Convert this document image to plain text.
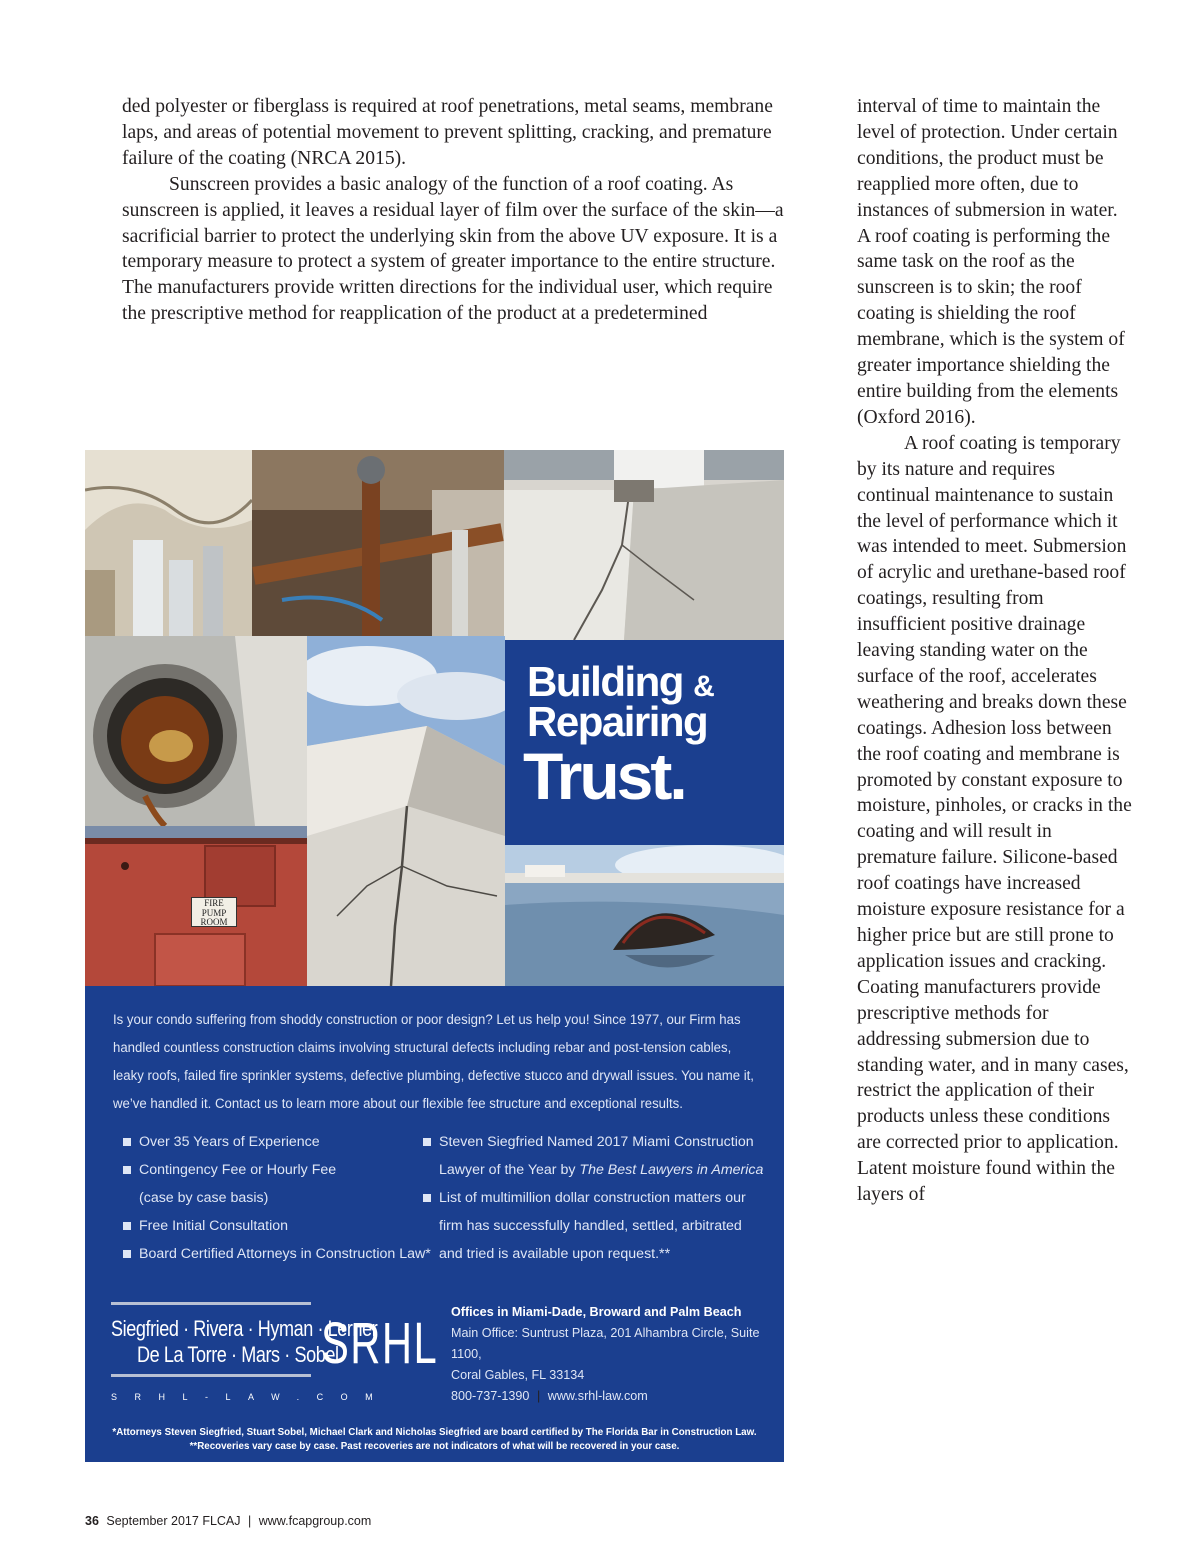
ded polyester or fiberglass is required at roof penetrations, metal seams, membrane laps, and areas of potential movement to prevent splitting, cracking, and premature failure of the coating (NRCA 2015).

Sunscreen provides a basic analogy of the function of a roof coating. As sunscreen is applied, it leaves a residual layer of film over the surface of the skin—a sacrificial barrier to protect the underlying skin from the above UV exposure. It is a temporary measure to protect a system of greater importance to the entire structure. The manufacturers provide written directions for the individual user, which require the prescriptive method for reapplication of the product at a predetermined

interval of time to maintain the level of protection. Under certain conditions, the product must be reapplied more often, due to instances of submersion in water. A roof coating is performing the same task on the roof as the sunscreen is to skin; the roof coating is shielding the roof membrane, which is the system of greater importance shielding the entire building from the elements (Oxford 2016).

A roof coating is temporary by its nature and requires continual maintenance to sustain the level of performance which it was intended to meet. Submersion of acrylic and urethane-based roof coatings, resulting from insufficient positive drainage leaving standing water on the surface of the roof, accelerates weathering and breaks down these coatings. Adhesion loss between the roof coating and membrane is promoted by constant exposure to moisture, pinholes, or cracks in the coating and will result in premature failure. Silicone-based roof coatings have increased moisture exposure resistance for a higher price but are still prone to application issues and cracking. Coating manufacturers provide prescriptive methods for addressing submersion due to standing water, and in many cases, restrict the application of their products unless these conditions are corrected prior to application. Latent moisture found within the layers of

FIRE PUMP ROOM
Building &
Repairing
Trust.
Is your condo suffering from shoddy construction or poor design? Let us help you! Since 1977, our Firm has handled countless construction claims involving structural defects including rebar and post-tension cables, leaky roofs, failed fire sprinkler systems, defective plumbing, defective stucco and drywall issues. You name it, we’ve handled it. Contact us to learn more about our flexible fee structure and exceptional results.
Over 35 Years of Experience
Contingency Fee or Hourly Fee
(case by case basis)
Free Initial Consultation
Board Certified Attorneys in Construction Law*
Steven Siegfried Named 2017 Miami Construction
Lawyer of the Year by The Best Lawyers in America
List of multimillion dollar construction matters our
firm has successfully handled, settled, arbitrated
and tried is available upon request.**
Siegfried · Rivera · Hyman · Lerner
De La Torre · Mars · Sobel
SRHL
SRHL-LAW.COM
Offices in Miami-Dade, Broward and Palm Beach
Main Office: Suntrust Plaza, 201 Alhambra Circle, Suite 1100,
Coral Gables, FL 33134
800-737-1390 | www.srhl-law.com
*Attorneys Steven Siegfried, Stuart Sobel, Michael Clark and Nicholas Siegfried are board certified by The Florida Bar in Construction Law.
**Recoveries vary case by case. Past recoveries are not indicators of what will be recovered in your case.
36 September 2017 FLCAJ | www.fcapgroup.com
